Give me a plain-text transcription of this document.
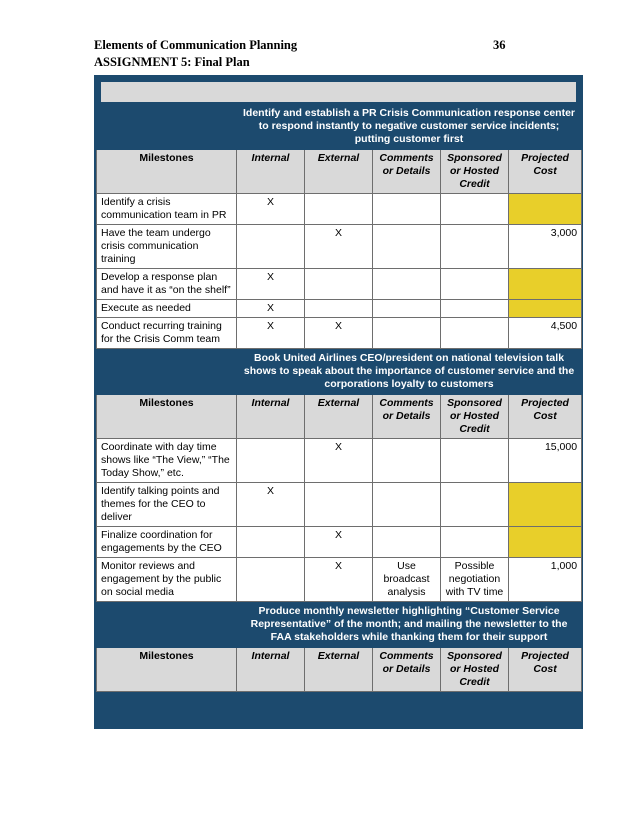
Elements of Communication Planning	36
ASSIGNMENT 5: Final Plan
	Identify and establish a PR Crisis Communication response center to respond instantly to negative customer service incidents; putting customer first				
Milestones	Internal	External	Comments or Details	Sponsored or Hosted Credit	Projected Cost
Identify a crisis communication team in PR	X				
Have the team undergo crisis communication training		X			3,000
Develop a response plan and have it as “on the shelf”	X				
Execute as needed	X				
Conduct recurring training for the Crisis Comm team	X	X			4,500
	Book United Airlines CEO/president on national television talk shows to speak about the importance of customer service and the corporations loyalty to customers				
Milestones	Internal	External	Comments or Details	Sponsored or Hosted Credit	Projected Cost
Coordinate with day time shows like “The View,” “The Today Show,” etc.		X			15,000
Identify talking points and themes for the CEO to deliver	X				
Finalize coordination for engagements by the CEO		X			
Monitor reviews and engagement by the public on social media		X	Use broadcast analysis	Possible negotiation with TV time	1,000
	Produce monthly newsletter highlighting “Customer Service Representative” of the month; and mailing the newsletter to the FAA stakeholders while thanking them for their support				
Milestones	Internal	External	Comments or Details	Sponsored or Hosted Credit	Projected Cost
